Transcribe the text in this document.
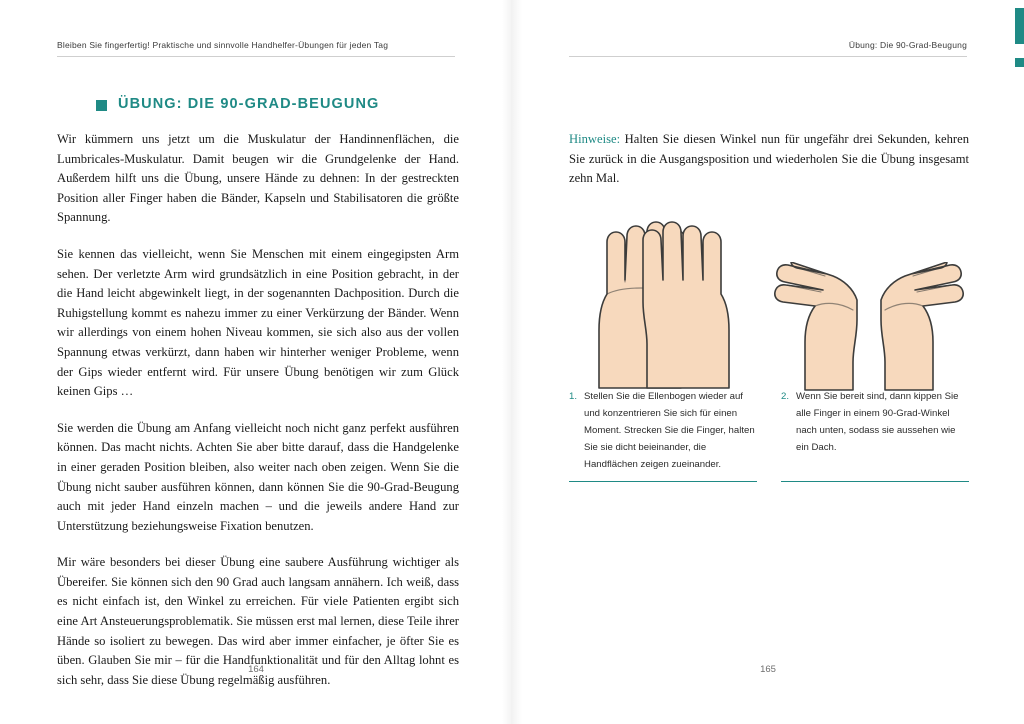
Bleiben Sie fingerfertig! Praktische und sinnvolle Handhelfer-Übungen für jeden Tag
ÜBUNG: DIE 90-GRAD-BEUGUNG

Wir kümmern uns jetzt um die Muskulatur der Handinnenflächen, die Lumbricales-Muskulatur. Damit beugen wir die Grundgelenke der Hand. Außerdem hilft uns die Übung, unsere Hände zu dehnen: In der gestreckten Position aller Finger haben die Bänder, Kapseln und Stabilisatoren die größte Spannung.

Sie kennen das vielleicht, wenn Sie Menschen mit einem eingegipsten Arm sehen. Der verletzte Arm wird grundsätzlich in eine Position gebracht, in der die Hand leicht abgewinkelt liegt, in der sogenannten Dachposition. Durch die Ruhigstellung kommt es nahezu immer zu einer Verkürzung der Bänder. Wenn wir allerdings von einem hohen Niveau kommen, sie sich also aus der vollen Spannung etwas verkürzt, dann haben wir hinterher weniger Probleme, wenn der Gips wieder entfernt wird. Für unsere Übung benötigen wir zum Glück keinen Gips …

Sie werden die Übung am Anfang vielleicht noch nicht ganz perfekt ausführen können. Das macht nichts. Achten Sie aber bitte darauf, dass die Handgelenke in einer geraden Position bleiben, also weiter nach oben zeigen. Wenn Sie die Übung nicht sauber ausführen können, dann können Sie die 90-Grad-Beugung auch mit jeder Hand einzeln machen – und die jeweils andere Hand zur Unterstützung beziehungsweise Fixation benutzen.

Mir wäre besonders bei dieser Übung eine saubere Ausführung wichtiger als Übereifer. Sie können sich den 90 Grad auch langsam annähern. Ich weiß, dass es nicht einfach ist, den Winkel zu erreichen. Für viele Patienten ergibt sich eine Art Ansteuerungsproblematik. Sie müssen erst mal lernen, diese Teile ihrer Hände so isoliert zu bewegen. Das wird aber immer einfacher, je öfter Sie es üben. Glauben Sie mir – für die Handfunktionalität und für den Alltag lohnt es sich sehr, dass Sie diese Übung regelmäßig ausführen.

164
Übung: Die 90-Grad-Beugung

Hinweise: Halten Sie diesen Winkel nun für ungefähr drei Sekunden, kehren Sie zurück in die Ausgangsposition und wiederholen Sie die Übung insgesamt zehn Mal.

1. Stellen Sie die Ellenbogen wieder auf und konzentrieren Sie sich für einen Moment. Strecken Sie die Finger, halten Sie sie dicht beieinander, die Handflächen zeigen zueinander.
2. Wenn Sie bereit sind, dann kippen Sie alle Finger in einem 90-Grad-Winkel nach unten, sodass sie aussehen wie ein Dach.
165
